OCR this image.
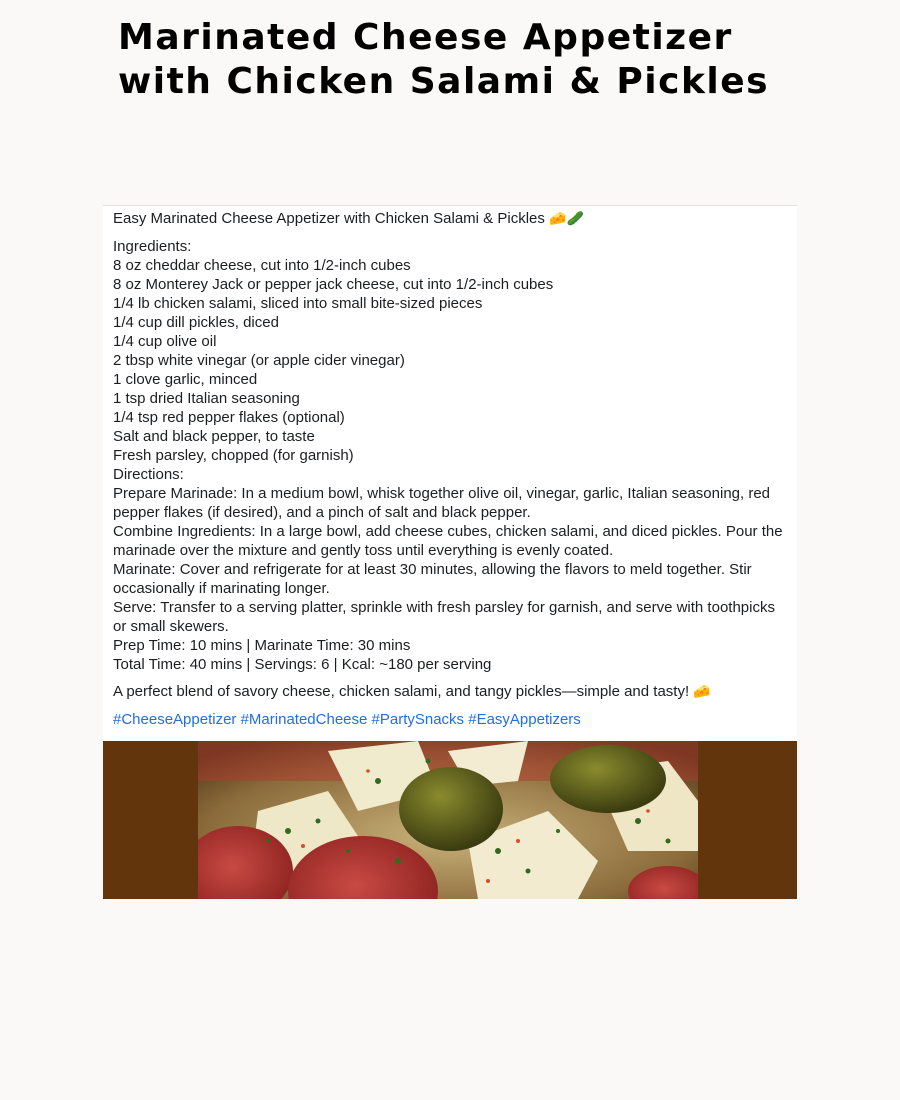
Marinated Cheese Appetizer
with Chicken Salami & Pickles

Easy Marinated Cheese Appetizer with Chicken Salami & Pickles 🧀🥒

Ingredients:
8 oz cheddar cheese, cut into 1/2-inch cubes
8 oz Monterey Jack or pepper jack cheese, cut into 1/2-inch cubes
1/4 lb chicken salami, sliced into small bite-sized pieces
1/4 cup dill pickles, diced
1/4 cup olive oil
2 tbsp white vinegar (or apple cider vinegar)
1 clove garlic, minced
1 tsp dried Italian seasoning
1/4 tsp red pepper flakes (optional)
Salt and black pepper, to taste
Fresh parsley, chopped (for garnish)
Directions:
Prepare Marinade: In a medium bowl, whisk together olive oil, vinegar, garlic, Italian seasoning, red pepper flakes (if desired), and a pinch of salt and black pepper.
Combine Ingredients: In a large bowl, add cheese cubes, chicken salami, and diced pickles. Pour the marinade over the mixture and gently toss until everything is evenly coated.
Marinate: Cover and refrigerate for at least 30 minutes, allowing the flavors to meld together. Stir occasionally if marinating longer.
Serve: Transfer to a serving platter, sprinkle with fresh parsley for garnish, and serve with toothpicks or small skewers.
Prep Time: 10 mins | Marinate Time: 30 mins
Total Time: 40 mins | Servings: 6 | Kcal: ~180 per serving

A perfect blend of savory cheese, chicken salami, and tangy pickles—simple and tasty! 🧀

#CheeseAppetizer #MarinatedCheese #PartySnacks #EasyAppetizers
